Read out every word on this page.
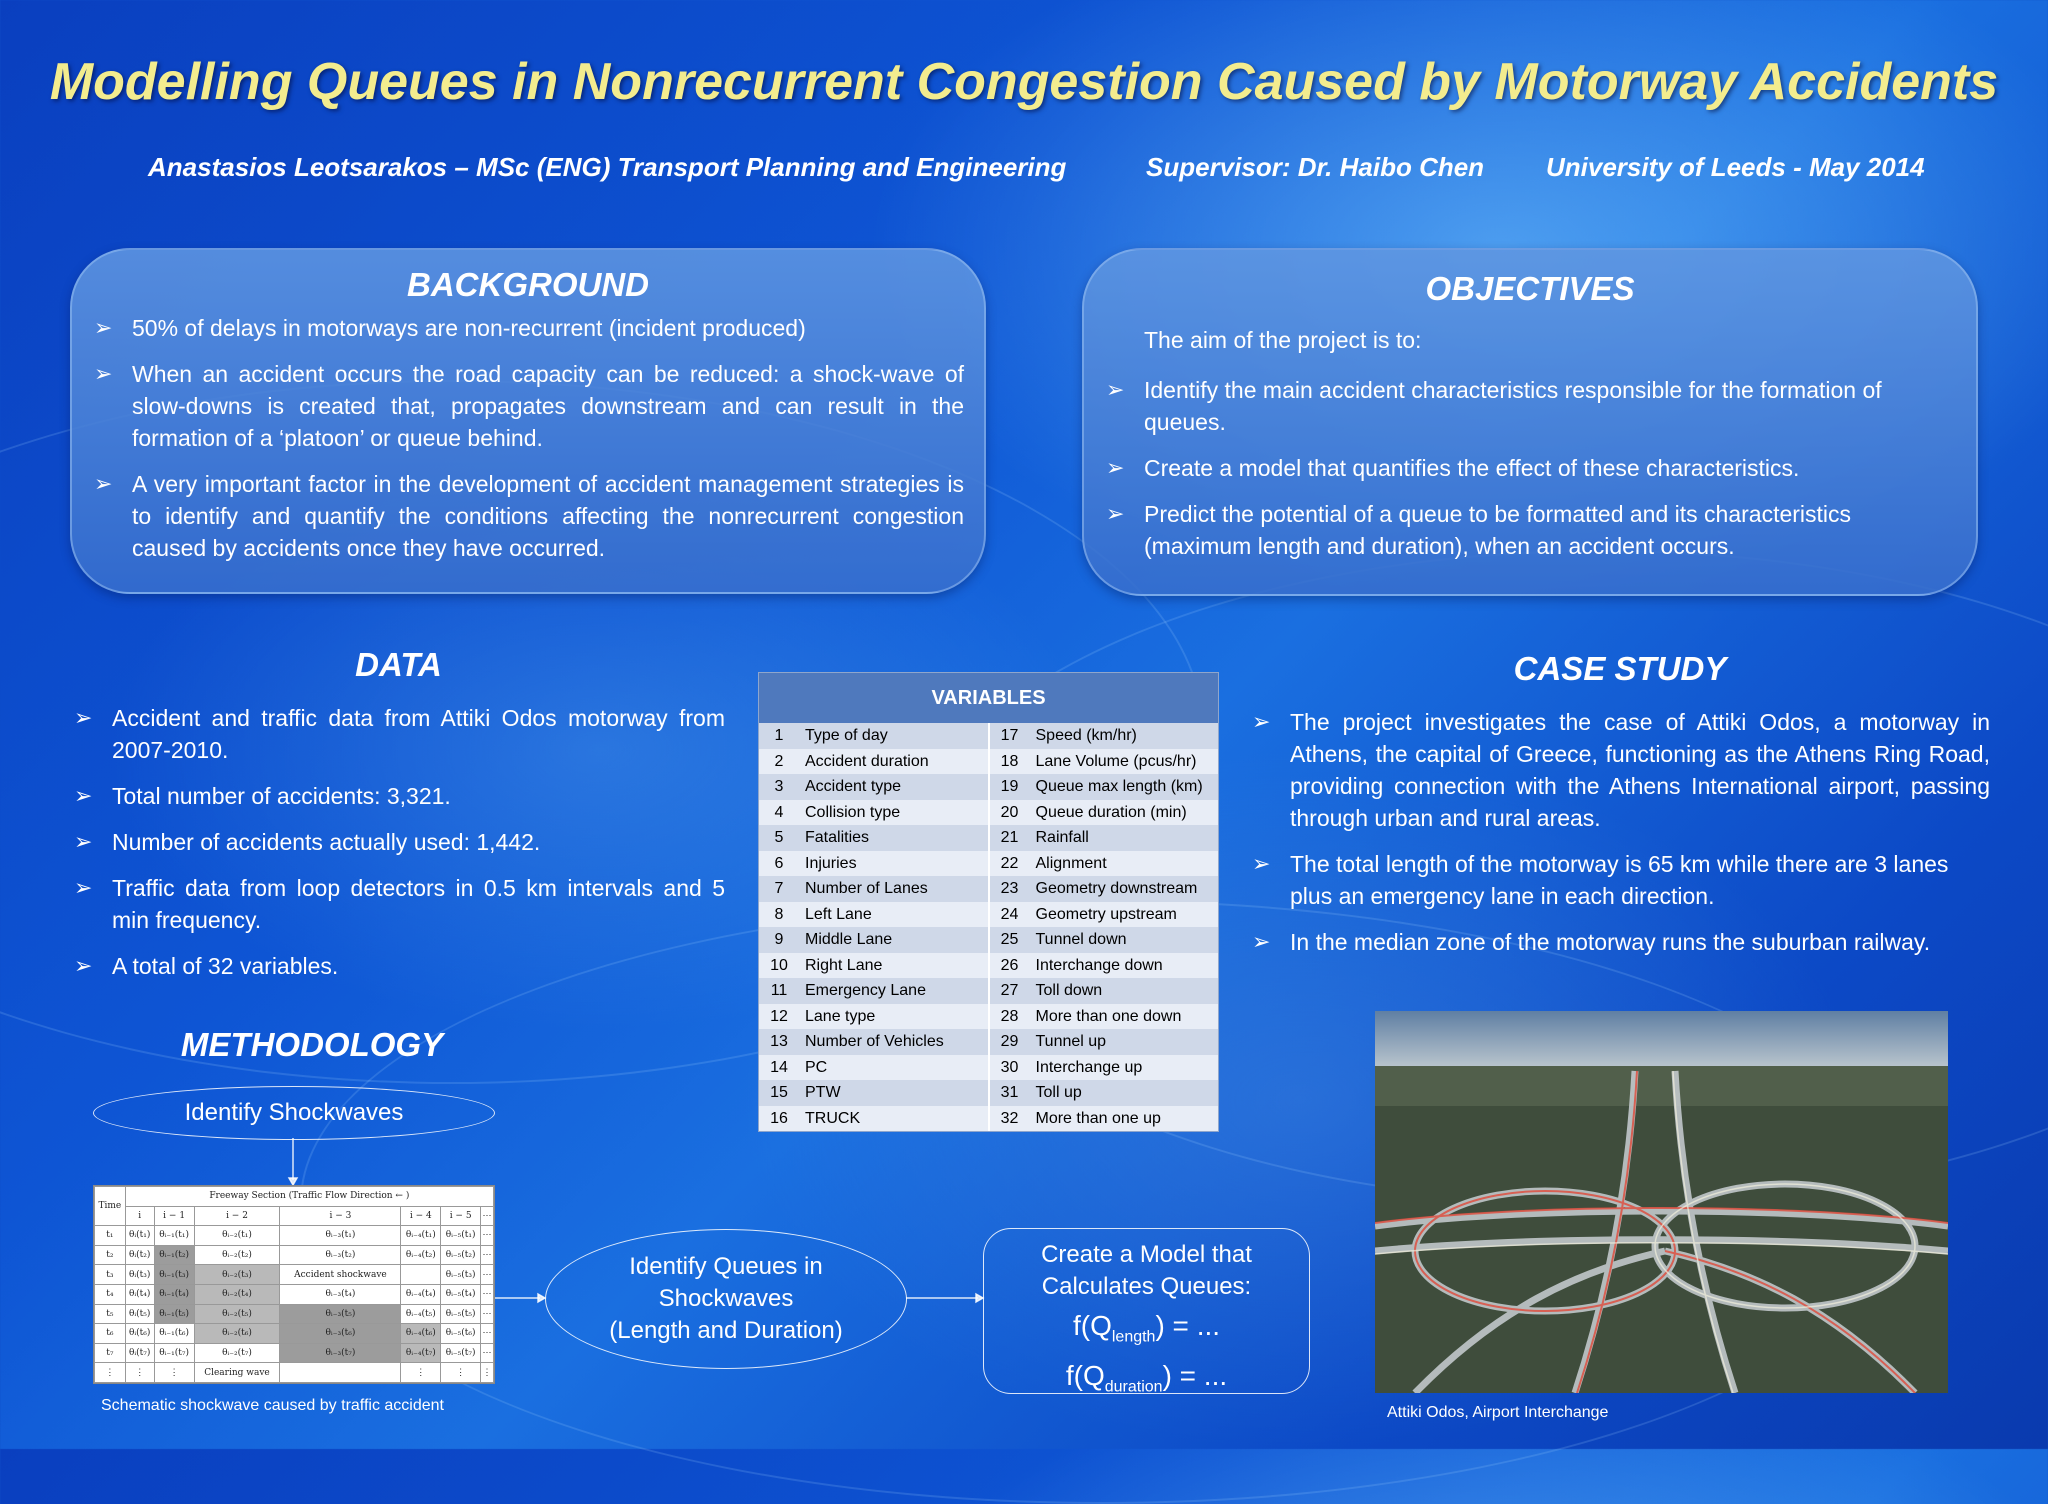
Modelling Queues in Nonrecurrent Congestion Caused by Motorway Accidents
Anastasios Leotsarakos – MSc (ENG) Transport Planning and Engineering	Supervisor: Dr. Haibo Chen University of Leeds - May 2014
BACKGROUND
➢ 50% of delays in motorways are non-recurrent (incident produced)
➢ When an accident occurs the road capacity can be reduced: a shock-wave of slow-downs is created that, propagates downstream and can result in the formation of a ‘platoon’ or queue behind.
➢ A very important factor in the development of accident management strategies is to identify and quantify the conditions affecting the nonrecurrent congestion caused by accidents once they have occurred.
OBJECTIVES
The aim of the project is to:
➢ Identify the main accident characteristics responsible for the formation of queues.
➢ Create a model that quantifies the effect of these characteristics.
➢ Predict the potential of a queue to be formatted and its characteristics (maximum length and duration), when an accident occurs.
DATA
➢ Accident and traffic data from Attiki Odos motorway from 2007-2010.
➢ Total number of accidents: 3,321.
➢ Number of accidents actually used: 1,442.
➢ Traffic data from loop detectors in 0.5 km intervals and 5 min frequency.
➢ A total of 32 variables.
VARIABLES
1	Type of day	17	Speed (km/hr)
2	Accident duration	18	Lane Volume (pcus/hr)
3	Accident type	19	Queue max length (km)
4	Collision type	20	Queue duration (min)
5	Fatalities	21	Rainfall
6	Injuries	22	Alignment
7	Number of Lanes	23	Geometry downstream
8	Left Lane	24	Geometry upstream
9	Middle Lane	25	Tunnel down
10	Right Lane	26	Interchange down
11	Emergency Lane	27	Toll down
12	Lane type	28	More than one down
13	Number of Vehicles	29	Tunnel up
14	PC	30	Interchange up
15	PTW	31	Toll up
16	TRUCK	32	More than one up
CASE STUDY
➢ The project investigates the case of Attiki Odos, a motorway in Athens, the capital of Greece, functioning as the Athens Ring Road, providing connection with the Athens International airport, passing through urban and rural areas.
➢ The total length of the motorway is 65 km while there are 3 lanes plus an emergency lane in each direction.
➢ In the median zone of the motorway runs the suburban railway.
Attiki Odos, Airport Interchange
METHODOLOGY
Identify Shockwaves
Time	Freeway Section (Traffic Flow Direction ← )						
	i	i − 1	i − 2	i − 3	i − 4	i − 5	⋯
t₁	θᵢ(t₁)	θᵢ₋₁(t₁)	θᵢ₋₂(t₁)	θᵢ₋₃(t₁)	θᵢ₋₄(t₁)	θᵢ₋₅(t₁)	⋯
t₂	θᵢ(t₂)	θᵢ₋₁(t₂)	θᵢ₋₂(t₂)	θᵢ₋₃(t₂)	θᵢ₋₄(t₂)	θᵢ₋₅(t₂)	⋯
t₃	θᵢ(t₃)	θᵢ₋₁(t₃)	θᵢ₋₂(t₃)	Accident shockwave		θᵢ₋₅(t₃)	⋯
t₄	θᵢ(t₄)	θᵢ₋₁(t₄)	θᵢ₋₂(t₄)	θᵢ₋₃(t₄)	θᵢ₋₄(t₄)	θᵢ₋₅(t₄)	⋯
t₅	θᵢ(t₅)	θᵢ₋₁(t₅)	θᵢ₋₂(t₅)	θᵢ₋₃(t₅)	θᵢ₋₄(t₅)	θᵢ₋₅(t₅)	⋯
t₆	θᵢ(t₆)	θᵢ₋₁(t₆)	θᵢ₋₂(t₆)	θᵢ₋₃(t₆)	θᵢ₋₄(t₆)	θᵢ₋₅(t₆)	⋯
t₇	θᵢ(t₇)	θᵢ₋₁(t₇)	θᵢ₋₂(t₇)	θᵢ₋₃(t₇)	θᵢ₋₄(t₇)	θᵢ₋₅(t₇)	⋯
⋮	⋮	⋮	Clearing wave		⋮	⋮	⋮
Schematic shockwave caused by traffic accident
Identify Queues in
Shockwaves
(Length and Duration)
Create a Model that
Calculates Queues:
$f(Q_{length})$ = ...
$f(Q_{duration})$ = ...
